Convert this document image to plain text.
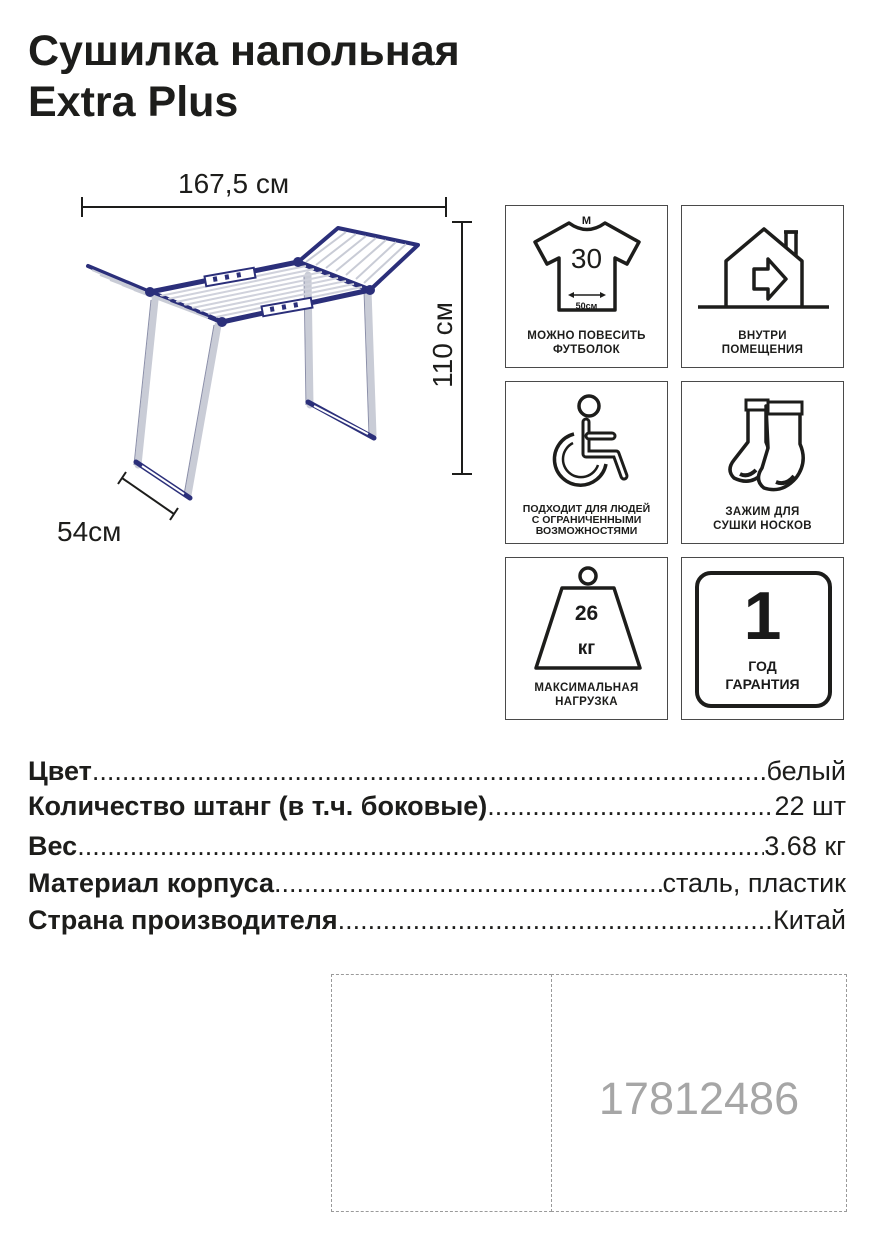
Сушилка напольная
Extra Plus
167,5 см
110 см
54см
M
30
50см
МОЖНО ПОВЕСИТЬ
ФУТБОЛОК
ВНУТРИ
ПОМЕЩЕНИЯ
ПОДХОДИТ ДЛЯ ЛЮДЕЙ
С ОГРАНИЧЕННЫМИ
ВОЗМОЖНОСТЯМИ
ЗАЖИМ ДЛЯ
СУШКИ НОСКОВ
26
кг
МАКСИМАЛЬНАЯ
НАГРУЗКА
1
ГОД
ГАРАНТИЯ
Цвет .....	белый
Количество штанг (в т.ч. боковые) .....	22 шт
Вес .....	3.68 кг
Материал корпуса .....	сталь, пластик
Страна производителя .....	Китай
17812486
